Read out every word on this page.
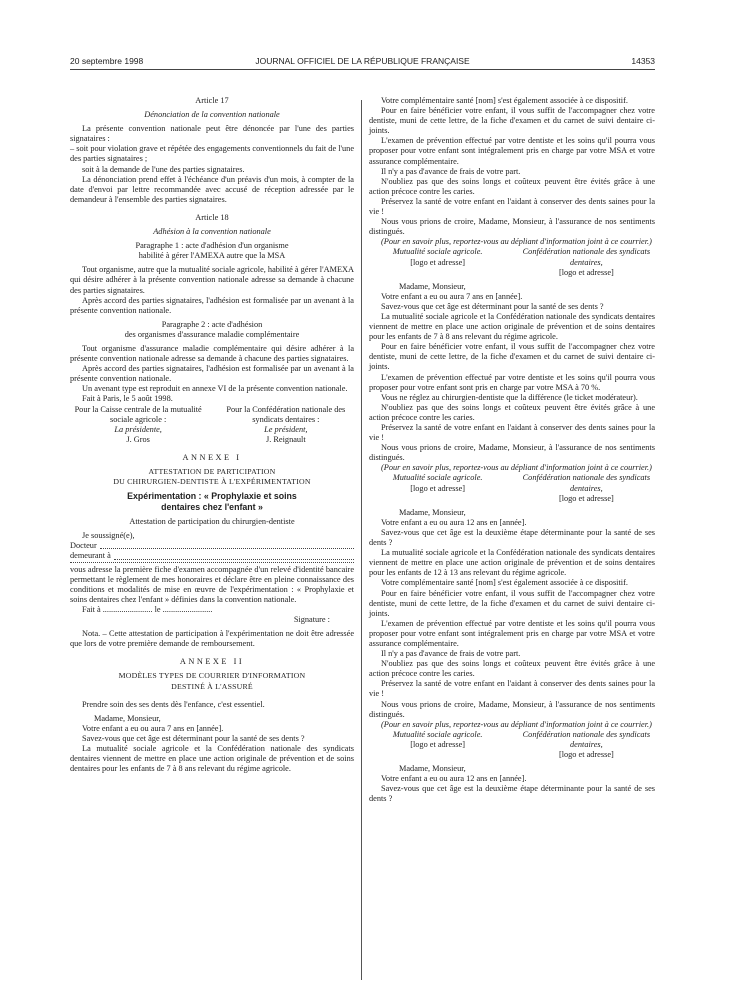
20 septembre 1998	JOURNAL OFFICIEL DE LA RÉPUBLIQUE FRANÇAISE	14353

Article 17

Dénonciation de la convention nationale

La présente convention nationale peut être dénoncée par l'une des parties signataires :

– soit pour violation grave et répétée des engagements conventionnels du fait de l'une des parties signataires ;

soit à la demande de l'une des parties signataires.

La dénonciation prend effet à l'échéance d'un préavis d'un mois, à compter de la date d'envoi par lettre recommandée avec accusé de réception adressée par le demandeur à l'ensemble des parties signataires.

Article 18

Adhésion à la convention nationale

Paragraphe 1 : acte d'adhésion d'un organisme

habilité à gérer l'AMEXA autre que la MSA

Tout organisme, autre que la mutualité sociale agricole, habilité à gérer l'AMEXA qui désire adhérer à la présente convention nationale adresse sa demande à chacune des parties signataires.

Après accord des parties signataires, l'adhésion est formalisée par un avenant à la présente convention nationale.

Paragraphe 2 : acte d'adhésion

des organismes d'assurance maladie complémentaire

Tout organisme d'assurance maladie complémentaire qui désire adhérer à la présente convention nationale adresse sa demande à chacune des parties signataires.

Après accord des parties signataires, l'adhésion est formalisée par un avenant à la présente convention nationale.

Un avenant type est reproduit en annexe VI de la présente convention nationale.

Fait à Paris, le 5 août 1998.

Pour la Caisse centrale de la mutualité sociale agricole :

La présidente,

J. Gros

Pour la Confédération nationale des syndicats dentaires :

Le président,

J. Reignault

ANNEXE I

ATTESTATION DE PARTICIPATION

DU CHIRURGIEN-DENTISTE À L'EXPÉRIMENTATION

Expérimentation : « Prophylaxie et soins

dentaires chez l'enfant »

Attestation de participation du chirurgien-dentiste

Je soussigné(e),

Docteur
demeurant à

vous adresse la première fiche d'examen accompagnée d'un relevé d'identité bancaire permettant le règlement de mes honoraires et déclare être en pleine connaissance des conditions et modalités de mise en œuvre de l'expérimentation : « Prophylaxie et soins dentaires chez l'enfant » définies dans la convention nationale.

Fait à ........................ le ........................

Signature :

Nota. – Cette attestation de participation à l'expérimentation ne doit être adressée que lors de votre première demande de remboursement.

ANNEXE II

MODÈLES TYPES DE COURRIER D'INFORMATION

DESTINÉ À L'ASSURÉ

Prendre soin des ses dents dès l'enfance, c'est essentiel.

Madame, Monsieur,

Votre enfant a eu ou aura 7 ans en [année].

Savez-vous que cet âge est déterminant pour la santé de ses dents ?

La mutualité sociale agricole et la Confédération nationale des syndicats dentaires viennent de mettre en place une action originale de prévention et de soins dentaires pour les enfants de 7 à 8 ans relevant du régime agricole.

Votre complémentaire santé [nom] s'est également associée à ce dispositif.

Pour en faire bénéficier votre enfant, il vous suffit de l'accompagner chez votre dentiste, muni de cette lettre, de la fiche d'examen et du carnet de suivi dentaire ci-joints.

L'examen de prévention effectué par votre dentiste et les soins qu'il pourra vous proposer pour votre enfant sont intégralement pris en charge par votre MSA et votre assurance complémentaire.

Il n'y a pas d'avance de frais de votre part.

N'oubliez pas que des soins longs et coûteux peuvent être évités grâce à une action précoce contre les caries.

Préservez la santé de votre enfant en l'aidant à conserver des dents saines pour la vie !

Nous vous prions de croire, Madame, Monsieur, à l'assurance de nos sentiments distingués.

(Pour en savoir plus, reportez-vous au dépliant d'information joint à ce courrier.)

Mutualité sociale agricole.

[logo et adresse]

Confédération nationale des syndicats dentaires,

[logo et adresse]

Madame, Monsieur,

Votre enfant a eu ou aura 7 ans en [année].

Savez-vous que cet âge est déterminant pour la santé de ses dents ?

La mutualité sociale agricole et la Confédération nationale des syndicats dentaires viennent de mettre en place une action originale de prévention et de soins dentaires pour les enfants de 7 à 8 ans relevant du régime agricole.

Pour en faire bénéficier votre enfant, il vous suffit de l'accompagner chez votre dentiste, muni de cette lettre, de la fiche d'examen et du carnet de suivi dentaire ci-joints.

L'examen de prévention effectué par votre dentiste et les soins qu'il pourra vous proposer pour votre enfant sont pris en charge par votre MSA à 70 %.

Vous ne réglez au chirurgien-dentiste que la différence (le ticket modérateur).

N'oubliez pas que des soins longs et coûteux peuvent être évités grâce à une action précoce contre les caries.

Préservez la santé de votre enfant en l'aidant à conserver des dents saines pour la vie !

Nous vous prions de croire, Madame, Monsieur, à l'assurance de nos sentiments distingués.

(Pour en savoir plus, reportez-vous au dépliant d'information joint à ce courrier.)

Mutualité sociale agricole.

[logo et adresse]

Confédération nationale des syndicats dentaires,

[logo et adresse]

Madame, Monsieur,

Votre enfant a eu ou aura 12 ans en [année].

Savez-vous que cet âge est la deuxième étape déterminante pour la santé de ses dents ?

La mutualité sociale agricole et la Confédération nationale des syndicats dentaires viennent de mettre en place une action originale de prévention et de soins dentaires pour les enfants de 12 à 13 ans relevant du régime agricole.

Votre complémentaire santé [nom] s'est également associée à ce dispositif.

Pour en faire bénéficier votre enfant, il vous suffit de l'accompagner chez votre dentiste, muni de cette lettre, de la fiche d'examen et du carnet de suivi dentaire ci-joints.

L'examen de prévention effectué par votre dentiste et les soins qu'il pourra vous proposer pour votre enfant sont intégralement pris en charge par votre MSA et votre assurance complémentaire.

Il n'y a pas d'avance de frais de votre part.

N'oubliez pas que des soins longs et coûteux peuvent être évités grâce à une action précoce contre les caries.

Préservez la santé de votre enfant en l'aidant à conserver des dents saines pour la vie !

Nous vous prions de croire, Madame, Monsieur, à l'assurance de nos sentiments distingués.

(Pour en savoir plus, reportez-vous au dépliant d'information joint à ce courrier.)

Mutualité sociale agricole.

[logo et adresse]

Confédération nationale des syndicats dentaires,

[logo et adresse]

Madame, Monsieur,

Votre enfant a eu ou aura 12 ans en [année].

Savez-vous que cet âge est la deuxième étape déterminante pour la santé de ses dents ?
